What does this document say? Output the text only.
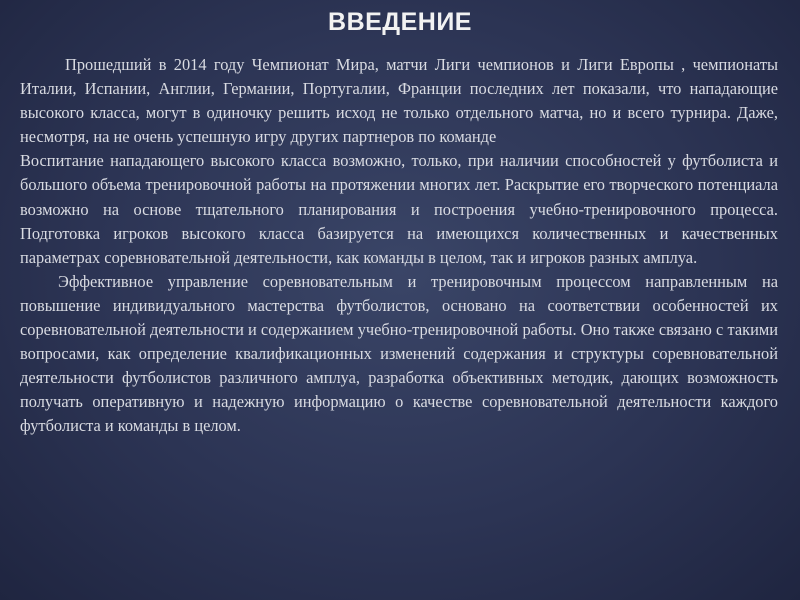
ВВЕДЕНИЕ

Прошедший в 2014 году Чемпионат Мира, матчи Лиги чемпионов и Лиги Европы , чемпионаты Италии, Испании, Англии, Германии, Португалии, Франции последних лет показали, что нападающие высокого класса, могут в одиночку решить исход не только отдельного матча, но и всего турнира. Даже, несмотря, на не очень успешную игру других партнеров по команде

Воспитание нападающего высокого класса возможно, только, при наличии способностей у футболиста и большого объема тренировочной работы на протяжении многих лет. Раскрытие его творческого потенциала возможно на основе тщательного планирования и построения учебно-тренировочного процесса. Подготовка игроков высокого класса базируется на имеющихся количественных и качественных параметрах соревновательной деятельности, как команды в целом, так и игроков разных амплуа.

Эффективное управление соревновательным и тренировочным процессом направленным на повышение индивидуального мастерства футболистов, основано на соответствии особенностей их соревновательной деятельности и содержанием учебно-тренировочной работы. Оно также связано с такими вопросами, как определение квалификационных изменений содержания и структуры соревновательной деятельности футболистов различного амплуа, разработка объективных методик, дающих возможность получать оперативную и надежную информацию о качестве соревновательной деятельности каждого футболиста и команды в целом.
